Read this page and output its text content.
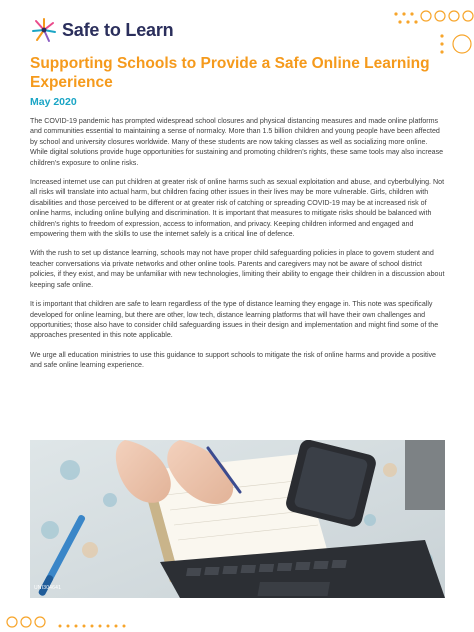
Safe to Learn
Supporting Schools to Provide a Safe Online Learning Experience

May 2020

The COVID-19 pandemic has prompted widespread school closures and physical distancing measures and made online platforms and communities essential to maintaining a sense of normalcy. More than 1.5 billion children and young people have been affected by school and university closures worldwide. Many of these students are now taking classes as well as socializing more online. While digital solutions provide huge opportunities for sustaining and promoting children’s rights, these same tools may also increase children’s exposure to online risks.

Increased internet use can put children at greater risk of online harms such as sexual exploitation and abuse, and cyberbullying. Not all risks will translate into actual harm, but children facing other issues in their lives may be more vulnerable. Girls, children with disabilities and those perceived to be different or at greater risk of catching or spreading COVID-19 may be at increased risk of online harms, including online bullying and discrimination. It is important that measures to mitigate risks should be balanced with children’s rights to freedom of expression, access to information, and privacy. Keeping children informed and engaged and empowering them with the skills to use the internet safely is a critical line of defence.

With the rush to set up distance learning, schools may not have proper child safeguarding policies in place to govern student and teacher conversations via private networks and other online tools. Parents and caregivers may not be aware of school district policies, if they exist, and may be unfamiliar with new technologies, limiting their ability to engage their children in a discussion about keeping safe online.

It is important that children are safe to learn regardless of the type of distance learning they engage in. This note was specifically developed for online learning, but there are other, low tech, distance learning platforms that will have their own challenges and opportunities; those also have to consider child safeguarding issues in their design and implementation and might find some of the approaches presented in this note applicable.

We urge all education ministries to use this guidance to support schools to mitigate the risk of online harms and provide a positive and safe online learning experience.

UNI304641
